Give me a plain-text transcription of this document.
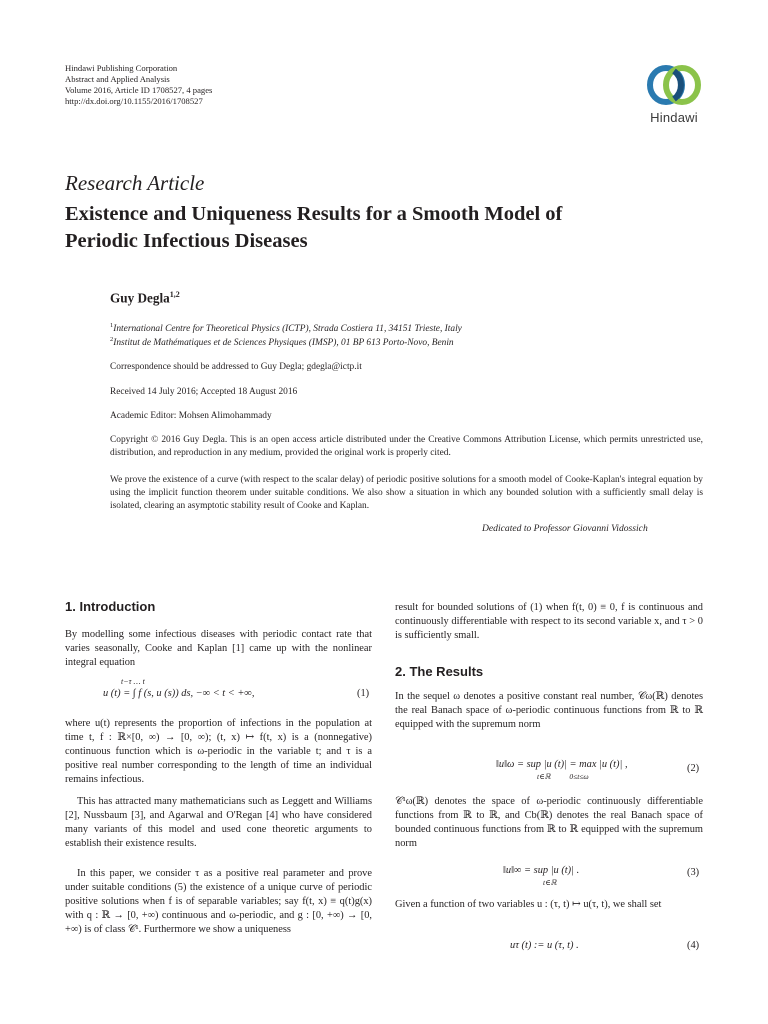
Hindawi Publishing Corporation
Abstract and Applied Analysis
Volume 2016, Article ID 1708527, 4 pages
http://dx.doi.org/10.1155/2016/1708527
Hindawi
Research Article
Existence and Uniqueness Results for a Smooth Model of
Periodic Infectious Diseases
Guy Degla$^{1,2}$
$^1$International Centre for Theoretical Physics (ICTP), Strada Costiera 11, 34151 Trieste, Italy
$^2$Institut de Mathématiques et de Sciences Physiques (IMSP), 01 BP 613 Porto-Novo, Benin
Correspondence should be addressed to Guy Degla; gdegla@ictp.it
Received 14 July 2016; Accepted 18 August 2016
Academic Editor: Mohsen Alimohammady
Copyright © 2016 Guy Degla. This is an open access article distributed under the Creative Commons Attribution License, which permits unrestricted use, distribution, and reproduction in any medium, provided the original work is properly cited.
We prove the existence of a curve (with respect to the scalar delay) of periodic positive solutions for a smooth model of Cooke-Kaplan's integral equation by using the implicit function theorem under suitable conditions. We also show a situation in which any bounded solution with a sufficiently small delay is isolated, clearing an asymptotic stability result of Cooke and Kaplan.
Dedicated to Professor Giovanni Vidossich
1. Introduction
By modelling some infectious diseases with periodic contact rate that varies seasonally, Cooke and Kaplan [1] came up with the nonlinear integral equation
u (t) = ∫ f (s, u (s)) ds, −∞ < t < +∞,
t−τ … t
(1)
where u(t) represents the proportion of infections in the population at time t, f : ℝ×[0, ∞) → [0, ∞); (t, x) ↦ f(t, x) is a (nonnegative) continuous function which is ω-periodic in the variable t; and τ is a positive real number corresponding to the length of time an individual remains infectious.
This has attracted many mathematicians such as Leggett and Williams [2], Nussbaum [3], and Agarwal and O'Regan [4] who have considered many variants of this model and used cone theoretic arguments to establish their existence results.
In this paper, we consider τ as a positive real parameter and prove under suitable conditions (5) the existence of a unique curve of periodic positive solutions when f is of separable variables; say f(t, x) ≡ q(t)g(x) with q : ℝ → [0, +∞) continuous and ω-periodic, and g : [0, +∞) → [0, +∞) is of class 𝒞¹. Furthermore we show a uniqueness
result for bounded solutions of (1) when f(t, 0) ≡ 0, f is continuous and continuously differentiable with respect to its second variable x, and τ > 0 is sufficiently small.
2. The Results
In the sequel ω denotes a positive constant real number, 𝒞ω(ℝ) denotes the real Banach space of ω-periodic continuous functions from ℝ to ℝ equipped with the supremum norm
‖u‖ω = sup |u (t)| = max |u (t)| ,
t∈ℝ          0≤t≤ω
(2)
𝒞¹ω(ℝ) denotes the space of ω-periodic continuously differentiable functions from ℝ to ℝ, and Cb(ℝ) denotes the real Banach space of bounded continuous functions from ℝ to ℝ equipped with the supremum norm
‖u‖∞ = sup |u (t)| .
t∈ℝ
(3)
Given a function of two variables u : (τ, t) ↦ u(τ, t), we shall set
uτ (t) := u (τ, t) .	(4)
